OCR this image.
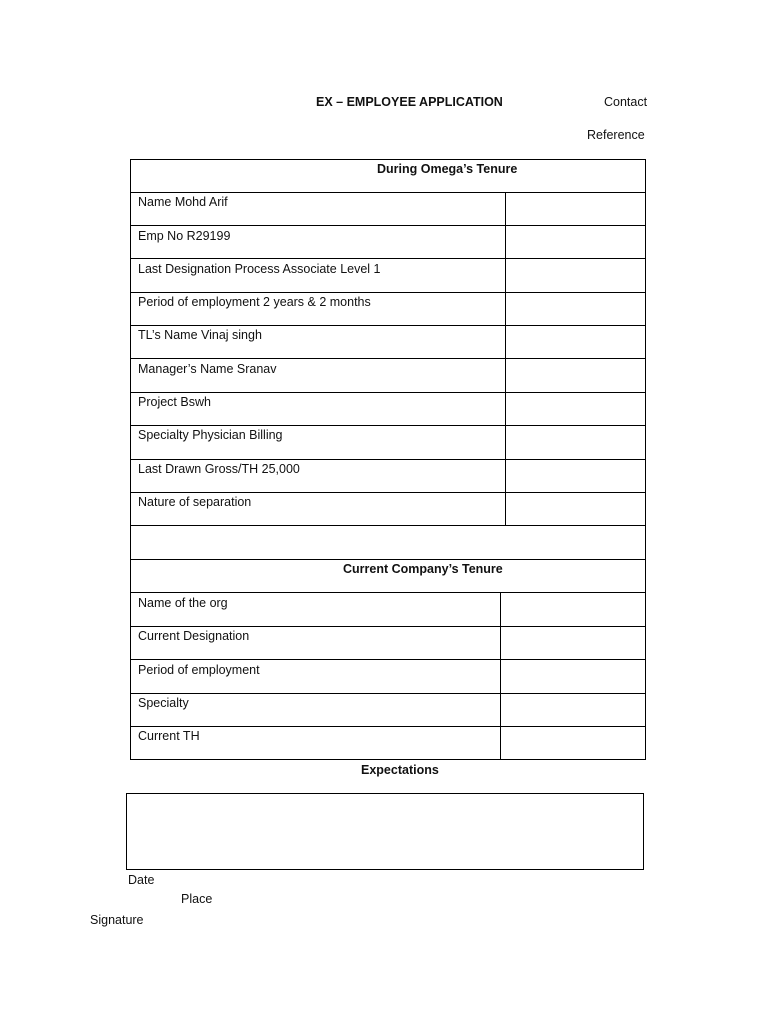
EX – EMPLOYEE APPLICATION	Contact
Reference
During Omega’s Tenure
Name Mohd Arif
Emp No R29199
Last Designation Process Associate Level 1
Period of employment 2 years & 2 months
TL’s Name Vinaj singh
Manager’s Name Sranav
Project Bswh
Specialty Physician Billing
Last Drawn Gross/TH 25,000
Nature of separation
Current Company’s Tenure
Name of the org
Current Designation
Period of employment
Specialty
Current TH
Expectations
Date
Place
Signature
